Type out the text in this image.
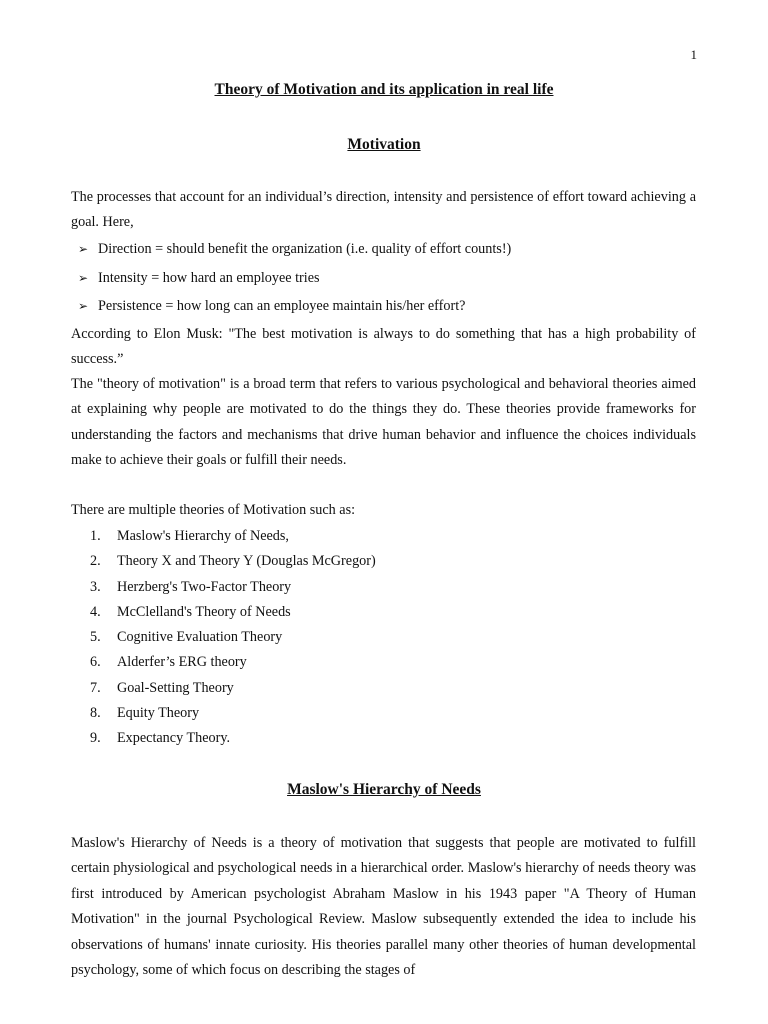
1
Theory of Motivation and its application in real life
Motivation
The processes that account for an individual’s direction, intensity and persistence of effort toward achieving a goal. Here,
➢ Direction = should benefit the organization (i.e. quality of effort counts!)
➢ Intensity = how hard an employee tries
➢ Persistence = how long can an employee maintain his/her effort?
According to Elon Musk: "The best motivation is always to do something that has a high probability of success.”
The "theory of motivation" is a broad term that refers to various psychological and behavioral theories aimed at explaining why people are motivated to do the things they do. These theories provide frameworks for understanding the factors and mechanisms that drive human behavior and influence the choices individuals make to achieve their goals or fulfill their needs.
There are multiple theories of Motivation such as:
1. Maslow's Hierarchy of Needs,
2. Theory X and Theory Y (Douglas McGregor)
3. Herzberg's Two-Factor Theory
4. McClelland's Theory of Needs
5. Cognitive Evaluation Theory
6. Alderfer’s ERG theory
7. Goal-Setting Theory
8. Equity Theory
9. Expectancy Theory.
Maslow's Hierarchy of Needs
Maslow's Hierarchy of Needs is a theory of motivation that suggests that people are motivated to fulfill certain physiological and psychological needs in a hierarchical order. Maslow's hierarchy of needs theory was first introduced by American psychologist Abraham Maslow in his 1943 paper "A Theory of Human Motivation" in the journal Psychological Review. Maslow subsequently extended the idea to include his observations of humans' innate curiosity. His theories parallel many other theories of human developmental psychology, some of which focus on describing the stages of
